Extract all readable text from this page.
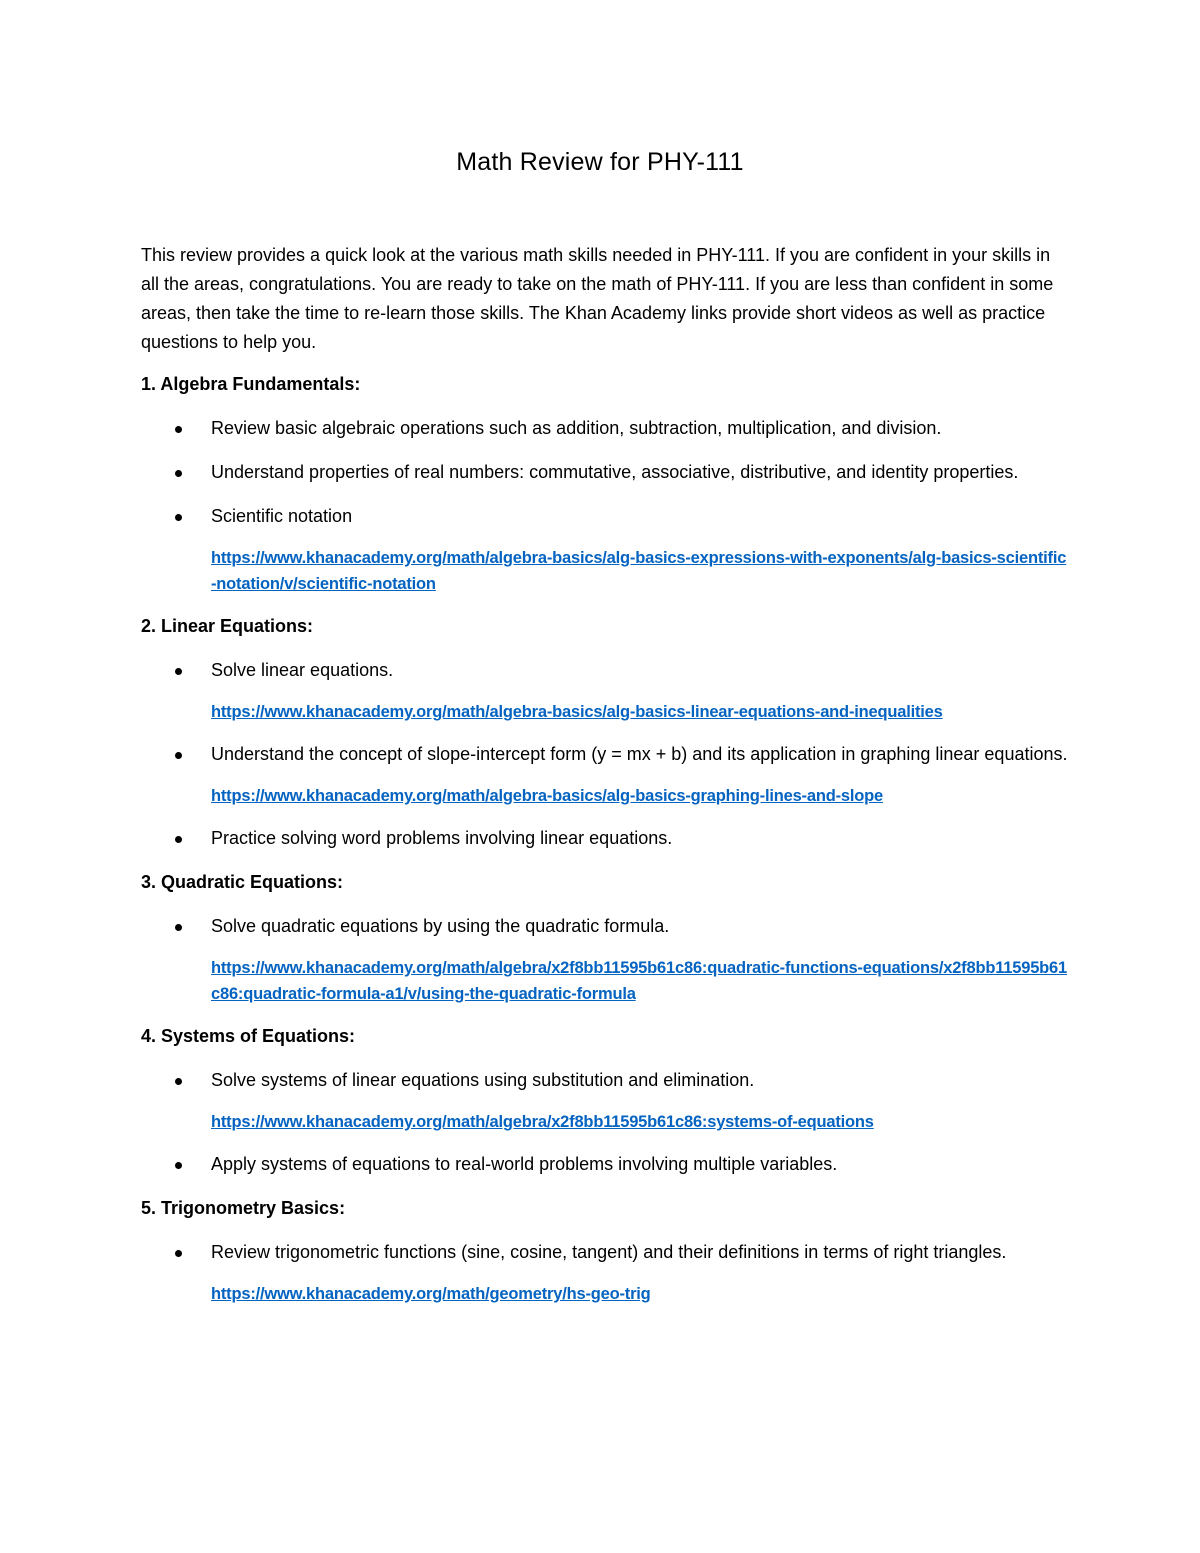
Math Review for PHY-111

This review provides a quick look at the various math skills needed in PHY-111. If you are confident in your skills in all the areas, congratulations. You are ready to take on the math of PHY-111. If you are less than confident in some areas, then take the time to re-learn those skills. The Khan Academy links provide short videos as well as practice questions to help you.

1. Algebra Fundamentals:

Review basic algebraic operations such as addition, subtraction, multiplication, and division.
Understand properties of real numbers: commutative, associative, distributive, and identity properties.
Scientific notation
https://www.khanacademy.org/math/algebra-basics/alg-basics-expressions-with-exponents/alg-basics-scientific-notation/v/scientific-notation

2. Linear Equations:

Solve linear equations.
https://www.khanacademy.org/math/algebra-basics/alg-basics-linear-equations-and-inequalities
Understand the concept of slope-intercept form (y = mx + b) and its application in graphing linear equations.
https://www.khanacademy.org/math/algebra-basics/alg-basics-graphing-lines-and-slope
Practice solving word problems involving linear equations.

3. Quadratic Equations:

Solve quadratic equations by using the quadratic formula.
https://www.khanacademy.org/math/algebra/x2f8bb11595b61c86:quadratic-functions-equations/x2f8bb11595b61c86:quadratic-formula-a1/v/using-the-quadratic-formula

4. Systems of Equations:

Solve systems of linear equations using substitution and elimination.
https://www.khanacademy.org/math/algebra/x2f8bb11595b61c86:systems-of-equations
Apply systems of equations to real-world problems involving multiple variables.

5. Trigonometry Basics:

Review trigonometric functions (sine, cosine, tangent) and their definitions in terms of right triangles.
https://www.khanacademy.org/math/geometry/hs-geo-trig
